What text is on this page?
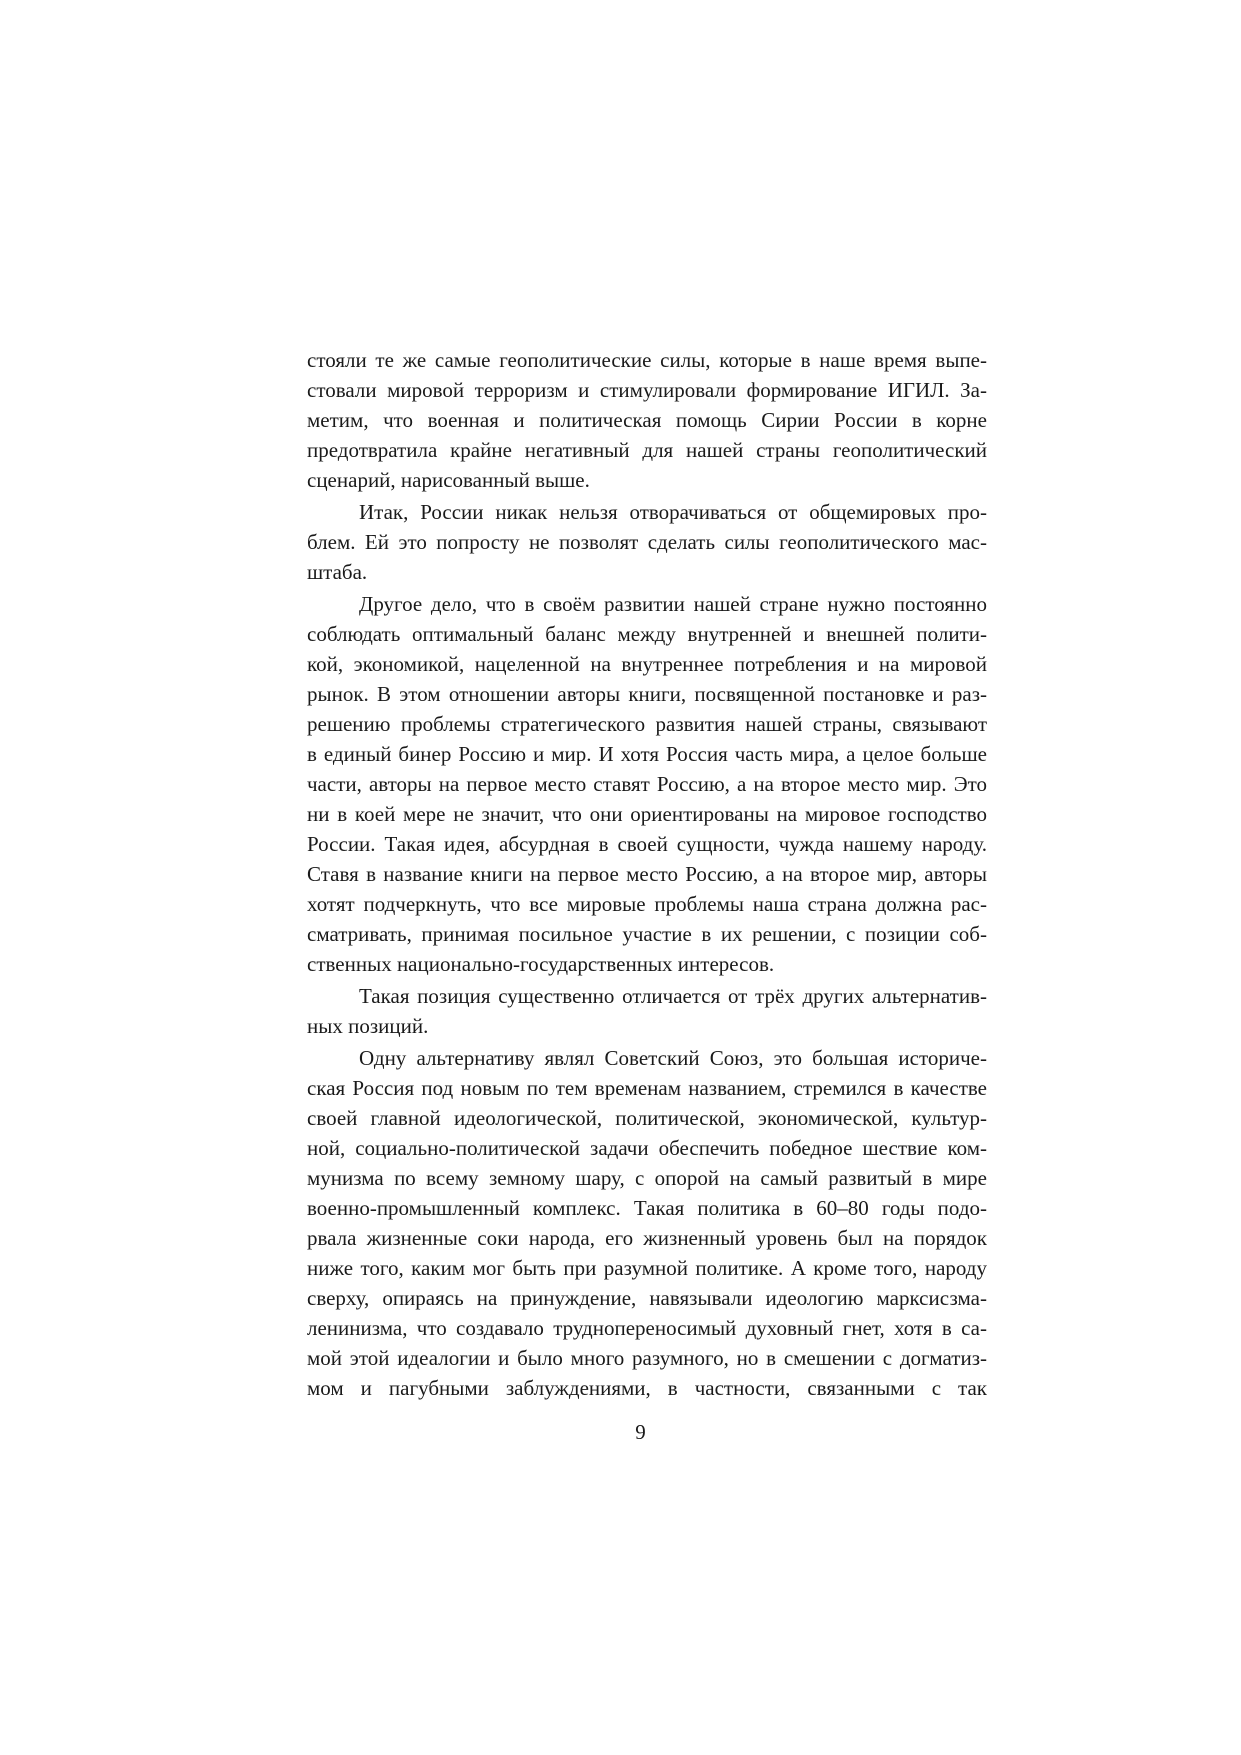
стояли те же самые геополитические силы, которые в наше время выпе-
стовали мировой терроризм и стимулировали формирование ИГИЛ. За-
метим, что военная и политическая помощь Сирии России в корне
предотвратила крайне негативный для нашей страны геополитический
сценарий, нарисованный выше.
Итак, России никак нельзя отворачиваться от общемировых про-
блем. Ей это попросту не позволят сделать силы геополитического мас-
штаба.
Другое дело, что в своём развитии нашей стране нужно постоянно
соблюдать оптимальный баланс между внутренней и внешней полити-
кой, экономикой, нацеленной на внутреннее потребления и на мировой
рынок. В этом отношении авторы книги, посвященной постановке и раз-
решению проблемы стратегического развития нашей страны, связывают
в единый бинер Россию и мир. И хотя Россия часть мира, а целое больше
части, авторы на первое место ставят Россию, а на второе место мир. Это
ни в коей мере не значит, что они ориентированы на мировое господство
России. Такая идея, абсурдная в своей сущности, чужда нашему народу.
Ставя в название книги на первое место Россию, а на второе мир, авторы
хотят подчеркнуть, что все мировые проблемы наша страна должна рас-
сматривать, принимая посильное участие в их решении, с позиции соб-
ственных национально-государственных интересов.
Такая позиция существенно отличается от трёх других альтернатив-
ных позиций.
Одну альтернативу являл Советский Союз, это большая историче-
ская Россия под новым по тем временам названием, стремился в качестве
своей главной идеологической, политической, экономической, культур-
ной, социально-политической задачи обеспечить победное шествие ком-
мунизма по всему земному шару, с опорой на самый развитый в мире
военно-промышленный комплекс. Такая политика в 60–80 годы подо-
рвала жизненные соки народа, его жизненный уровень был на порядок
ниже того, каким мог быть при разумной политике. А кроме того, народу
сверху, опираясь на принуждение, навязывали идеологию марксисзма-
ленинизма, что создавало труднопереносимый духовный гнет, хотя в са-
мой этой идеалогии и было много разумного, но в смешении с догматиз-
мом и пагубными заблуждениями, в частности, связанными с так
9
